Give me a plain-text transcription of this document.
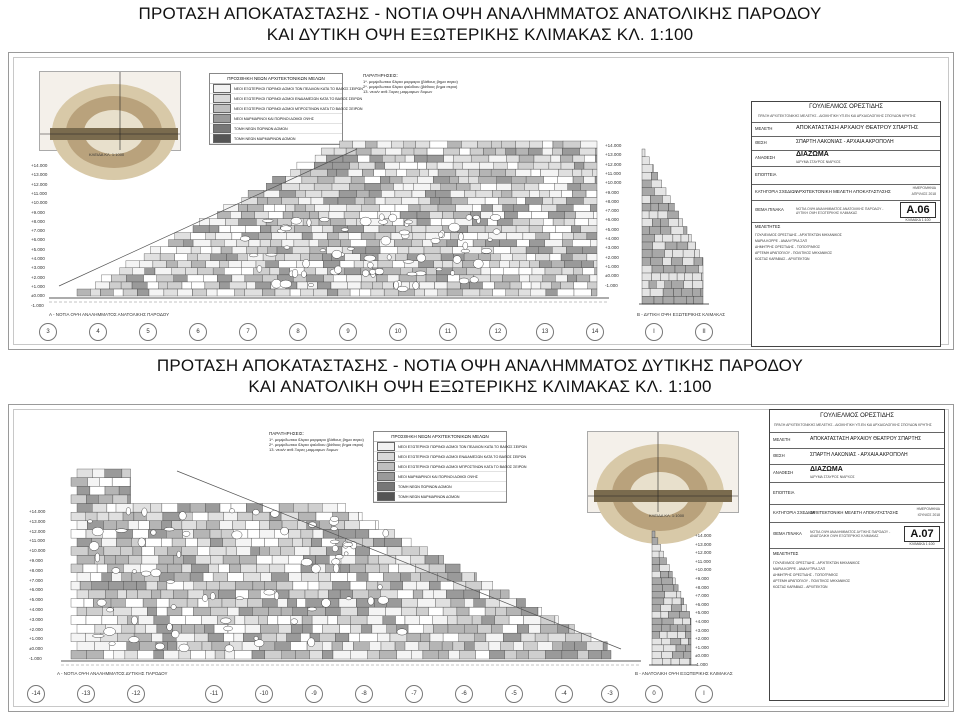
ΠΡΟΤΑΣΗ ΑΠΟΚΑΤΑΣΤΑΣΗΣ - ΝΟΤΙΑ ΟΨΗ ΑΝΑΛΗΜΜΑΤΟΣ ΑΝΑΤΟΛΙΚΗΣ ΠΑΡΟΔΟΥ
ΚΑΙ ΔΥΤΙΚΗ ΟΨΗ ΕΞΩΤΕΡΙΚΗΣ ΚΛΙΜΑΚΑΣ ΚΛ. 1:100
ΠΡΟΤΑΣΗ ΑΠΟΚΑΤΑΣΤΑΣΗΣ - ΝΟΤΙΑ ΟΨΗ ΑΝΑΛΗΜΜΑΤΟΣ ΔΥΤΙΚΗΣ ΠΑΡΟΔΟΥ
ΚΑΙ ΑΝΑΤΟΛΙΚΗ ΟΨΗ ΕΞΩΤΕΡΙΚΗΣ ΚΛΙΜΑΚΑΣ ΚΛ. 1:100
ΚΛΕΙΔΑ ΚΛ. 1:1000
ΠΡΟΣΘΗΚΗ ΝΕΩΝ ΑΡΧΙΤΕΚΤΟΝΙΚΩΝ ΜΕΛΩΝ
ΝΕΟΙ ΕΞΩΤΕΡΙΚΟΙ ΠΩΡΙΝΟΙ ΔΟΜΟΙ ΤΩΝ ΠΕΔΙΛΩΝ ΚΑΤΑ ΤΟ ΒΑΘΟΣ ΣΕΙΡΩΝ
ΝΕΟΙ ΕΞΩΤΕΡΙΚΟΙ ΠΩΡΙΝΟΙ ΔΟΜΟΙ ΕΝΔΙΑΜΕΣΩΝ ΚΑΤΑ ΤΟ ΒΑΘΟΣ ΣΕΙΡΩΝ
ΝΕΟΙ ΕΞΩΤΕΡΙΚΟΙ ΠΩΡΙΝΟΙ ΔΟΜΟΙ ΜΠΡΟΣΤΙΝΩΝ ΚΑΤΑ ΤΟ ΒΑΘΟΣ ΣΕΙΡΩΝ
ΝΕΟΙ ΜΑΡΜΑΡΙΝΟΙ ΚΑΙ ΠΩΡΙΝΟΙ ΔΟΜΟΙ ΟΨΗΣ
ΤΟΜΗ ΝΕΩΝ ΠΩΡΙΝΩΝ ΔΟΜΩΝ
ΤΟΜΗ ΝΕΩΝ ΜΑΡΜΑΡΙΝΩΝ ΔΟΜΩΝ
ΠΑΡΑΤΗΡΗΣΕΙΣ:
1*. μεμψιδωτικο ΰλιρια μαρμαρο (βάθους βημα σεριο)
2*. μεμψιδωτικο ΰλιρια ψαλιδιου (βάθους βημα σεριο)
13. νεοι/ν ανθ.Ξορες μαμμαρων δομων
Α - ΝΟΤΙΑ ΟΨΗ ΑΝΑΛΗΜΜΑΤΟΣ ΑΝΑΤΟΛΙΚΗΣ ΠΑΡΟΔΟΥ	Β - ΔΥΤΙΚΗ ΟΨΗ ΕΞΩΤΕΡΙΚΗΣ ΚΛΙΜΑΚΑΣ
ΓΟΥΛΙΕΛΜΟΣ ΟΡΕΣΤΙΔΗΣ
ΠΡΑΞΗ ΑΡΧΙΤΕΚΤΟΝΙΚΗΣ ΜΕΛΕΤΗΣ - ΔΙΟΙΚΗΤΙΚΗ ΥΠ.ΕΝ ΚΑΙ ΑΡΧΑΙΟΛΟΓΙΚΗΣ ΣΠΟΥΔΩΝ ΚΡΗΤΗΣ
ΜΕΛΕΤΗ	ΑΠΟΚΑΤΑΣΤΑΣΗ ΑΡΧΑΙΟΥ ΘΕΑΤΡΟΥ ΣΠΑΡΤΗΣ
ΘΕΣΗ	ΣΠΑΡΤΗ ΛΑΚΩΝΙΑΣ - ΑΡΧΑΙΑ ΑΚΡΟΠΟΛΗ
ΑΝΑΘΕΣΗ	ΔΙΑΖΩΜΑ
ΙΔΡΥΜΑ ΣΤΑΥΡΟΣ ΝΙΑΡΧΟΣ
ΕΠΟΠΤΕΙΑ
ΚΑΤΗΓΟΡΙΑ ΣΧΕΔΙΩΝ
ΑΡΧΙΤΕΚΤΟΝΙΚΗ ΜΕΛΕΤΗ ΑΠΟΚΑΤΑΣΤΑΣΗΣ
ΗΜΕΡΟΜΗΝΙΑ
ΑΠΡΙΛΙΟΣ 2018
ΘΕΜΑ ΠΙΝΑΚΑ	ΝΟΤΙΑ ΟΨΗ ΑΝΑΛΗΜΜΑΤΟΣ ΑΝΑΤΟΛΙΚΗΣ ΠΑΡΟΔΟΥ - ΔΥΤΙΚΗ ΟΨΗ ΕΞΩΤΕΡΙΚΗΣ ΚΛΙΜΑΚΑΣ	Α.06
ΚΛΙΜΑΚΑ 1:100
ΜΕΛΕΤΗΤΕΣ
ΓΟΥΛΙΕΛΜΟΣ ΟΡΕΣΤΙΔΗΣ - ΑΡΧΙΤΕΚΤΩΝ ΜΗΧΑΝΙΚΟΣ
ΜΑΡΙΑ ΚΟΡΡΕ - ΑΝΑΛΥΤΡΙΑ ΣΛΠ
ΔΗΜΗΤΡΗΣ ΟΡΕΣΤΙΔΗΣ - ΤΟΠΟΓΡΑΦΟΣ
ΑΡΤΕΜΗ ΑΡΑΠΟΓΛΟΥ - ΠΟΛΙΤΙΚΟΣ ΜΗΧΑΝΙΚΟΣ
ΚΩΣΤΑΣ ΚΑΡΑΒΙΑΣ - ΑΡΧΙΤΕΚΤΩΝ
+14.000
+13.000
+12.000
+11.000
+10.000
+9.000
+8.000
+7.000
+6.000
+5.000
+4.000
+3.000
+2.000
+1.000
±0.000
-1.000
+14.000
+13.000
+12.000
+11.000
+10.000
+9.000
+8.000
+7.000
+6.000
+5.000
+4.000
+3.000
+2.000
+1.000
±0.000
-1.000
3	4	5	6	7	8	9	10	11	12	13	14	I	II
ΠΑΡΑΤΗΡΗΣΕΙΣ:
1*. μεμψιδωτικο ΰλιρια μαρμαρο (βάθους βημα σεριο)
2*. μεμψιδωτικο ΰλιρια ψαλιδιου (βάθους βημα σεριο)
13. νεοι/ν ανθ.Ξορες μαμμαρων δομων
ΠΡΟΣΘΗΚΗ ΝΕΩΝ ΑΡΧΙΤΕΚΤΟΝΙΚΩΝ ΜΕΛΩΝ
ΝΕΟΙ ΕΞΩΤΕΡΙΚΟΙ ΠΩΡΙΝΟΙ ΔΟΜΟΙ ΤΩΝ ΠΕΔΙΛΩΝ ΚΑΤΑ ΤΟ ΒΑΘΟΣ ΣΕΙΡΩΝ
ΝΕΟΙ ΕΞΩΤΕΡΙΚΟΙ ΠΩΡΙΝΟΙ ΔΟΜΟΙ ΕΝΔΙΑΜΕΣΩΝ ΚΑΤΑ ΤΟ ΒΑΘΟΣ ΣΕΙΡΩΝ
ΝΕΟΙ ΕΞΩΤΕΡΙΚΟΙ ΠΩΡΙΝΟΙ ΔΟΜΟΙ ΜΠΡΟΣΤΙΝΩΝ ΚΑΤΑ ΤΟ ΒΑΘΟΣ ΣΕΙΡΩΝ
ΝΕΟΙ ΜΑΡΜΑΡΙΝΟΙ ΚΑΙ ΠΩΡΙΝΟΙ ΔΟΜΟΙ ΟΨΗΣ
ΤΟΜΗ ΝΕΩΝ ΠΩΡΙΝΩΝ ΔΟΜΩΝ
ΤΟΜΗ ΝΕΩΝ ΜΑΡΜΑΡΙΝΩΝ ΔΟΜΩΝ
ΚΛΕΙΔΑ ΚΛ. 1:1000
Α - ΝΟΤΙΑ ΟΨΗ ΑΝΑΛΗΜΜΑΤΟΣ ΔΥΤΙΚΗΣ ΠΑΡΟΔΟΥ	Β - ΑΝΑΤΟΛΙΚΗ ΟΨΗ ΕΞΩΤΕΡΙΚΗΣ ΚΛΙΜΑΚΑΣ
ΓΟΥΛΙΕΛΜΟΣ ΟΡΕΣΤΙΔΗΣ
ΠΡΑΞΗ ΑΡΧΙΤΕΚΤΟΝΙΚΗΣ ΜΕΛΕΤΗΣ - ΔΙΟΙΚΗΤΙΚΗ ΥΠ.ΕΝ ΚΑΙ ΑΡΧΑΙΟΛΟΓΙΚΗΣ ΣΠΟΥΔΩΝ ΚΡΗΤΗΣ
ΜΕΛΕΤΗ	ΑΠΟΚΑΤΑΣΤΑΣΗ ΑΡΧΑΙΟΥ ΘΕΑΤΡΟΥ ΣΠΑΡΤΗΣ
ΘΕΣΗ	ΣΠΑΡΤΗ ΛΑΚΩΝΙΑΣ - ΑΡΧΑΙΑ ΑΚΡΟΠΟΛΗ
ΑΝΑΘΕΣΗ ΔΙΑΖΩΜΑ
ΙΔΡΥΜΑ ΣΤΑΥΡΟΣ ΝΙΑΡΧΟΣ
ΕΠΟΠΤΕΙΑ
ΚΑΤΗΓΟΡΙΑ ΣΧΕΔΙΩΝ
ΑΡΧΙΤΕΚΤΟΝΙΚΗ ΜΕΛΕΤΗ ΑΠΟΚΑΤΑΣΤΑΣΗΣ
ΗΜΕΡΟΜΗΝΙΑ
ΙΟΥΝΙΟΣ 2018
ΘΕΜΑ ΠΙΝΑΚΑ ΝΟΤΙΑ ΟΨΗ ΑΝΑΛΗΜΜΑΤΟΣ ΔΥΤΙΚΗΣ ΠΑΡΟΔΟΥ - ΑΝΑΤΟΛΙΚΗ ΟΨΗ ΕΞΩΤΕΡΙΚΗΣ ΚΛΙΜΑΚΑΣ	Α.07
ΚΛΙΜΑΚΑ 1:100
ΜΕΛΕΤΗΤΕΣ
ΓΟΥΛΙΕΛΜΟΣ ΟΡΕΣΤΙΔΗΣ - ΑΡΧΙΤΕΚΤΩΝ ΜΗΧΑΝΙΚΟΣ
ΜΑΡΙΑ ΚΟΡΡΕ - ΑΝΑΛΥΤΡΙΑ ΣΛΠ
ΔΗΜΗΤΡΗΣ ΟΡΕΣΤΙΔΗΣ - ΤΟΠΟΓΡΑΦΟΣ
ΑΡΤΕΜΗ ΑΡΑΠΟΓΛΟΥ - ΠΟΛΙΤΙΚΟΣ ΜΗΧΑΝΙΚΟΣ
ΚΩΣΤΑΣ ΚΑΡΑΒΙΑΣ - ΑΡΧΙΤΕΚΤΩΝ
+14.000
+13.000
+12.000
+11.000
+10.000
+9.000
+8.000
+7.000
+6.000
+5.000
+4.000
+3.000
+2.000
+1.000
±0.000
-1.000
+14.000
+13.000
+12.000
+11.000
+10.000
+9.000
+8.000
+7.000
+6.000
+5.000
+4.000
+3.000
+2.000
+1.000
±0.000
-1.000
-14	-13	-12	-11	-10	-9	-8	-7	-6	-5	-4	-3	0	I
